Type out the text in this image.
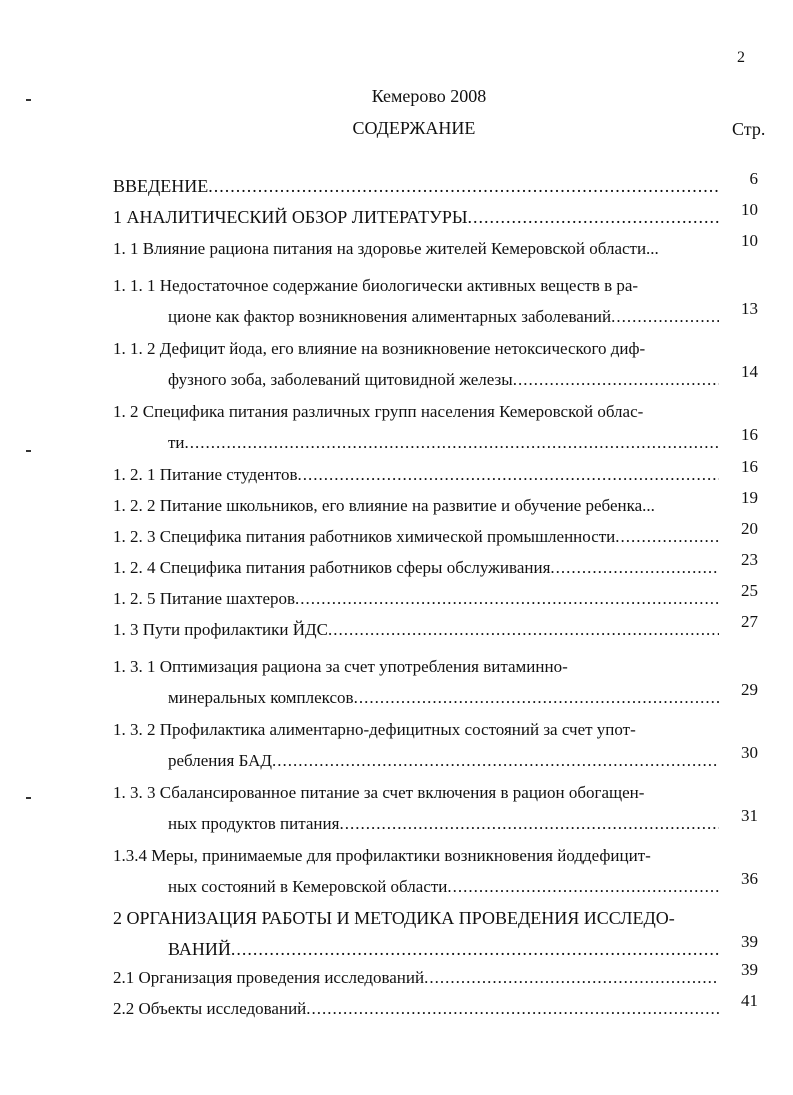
2
Кемерово 2008
СОДЕРЖАНИЕ	Стр.
ВВЕДЕНИЕ .....	6
1 АНАЛИТИЧЕСКИЙ ОБЗОР ЛИТЕРАТУРЫ .....	10
1. 1 Влияние рациона питания на здоровье жителей Кемеровской области...	10
1. 1. 1 Недостаточное содержание биологически активных веществ в ра-
ционе как фактор возникновения алиментарных заболеваний .....	13
1. 1. 2 Дефицит йода, его влияние на возникновение нетоксического диф-
фузного зоба, заболеваний щитовидной железы .....	14
1. 2 Специфика питания различных групп населения Кемеровской облас-
ти .....	16
1. 2. 1 Питание студентов .....	16
1. 2. 2 Питание школьников, его влияние на развитие и обучение ребенка...	19
1. 2. 3 Специфика питания работников химической промышленности .....	20
1. 2. 4 Специфика питания работников сферы обслуживания .....	23
1. 2. 5 Питание шахтеров .....	25
1. 3 Пути профилактики ЙДС .....	27
1. 3. 1 Оптимизация рациона за счет употребления витаминно-
минеральных комплексов .....	29
1. 3. 2 Профилактика алиментарно-дефицитных состояний за счет упот-
ребления БАД .....	30
1. 3. 3 Сбалансированное питание за счет включения в рацион обогащен-
ных продуктов питания .....	31
1.3.4 Меры, принимаемые для профилактики возникновения йоддефицит-
ных состояний в Кемеровской области .....	36
2 ОРГАНИЗАЦИЯ РАБОТЫ И МЕТОДИКА ПРОВЕДЕНИЯ ИССЛЕДО-
ВАНИЙ .....	39
2.1 Организация проведения исследований .....	39
2.2 Объекты исследований .....	41
